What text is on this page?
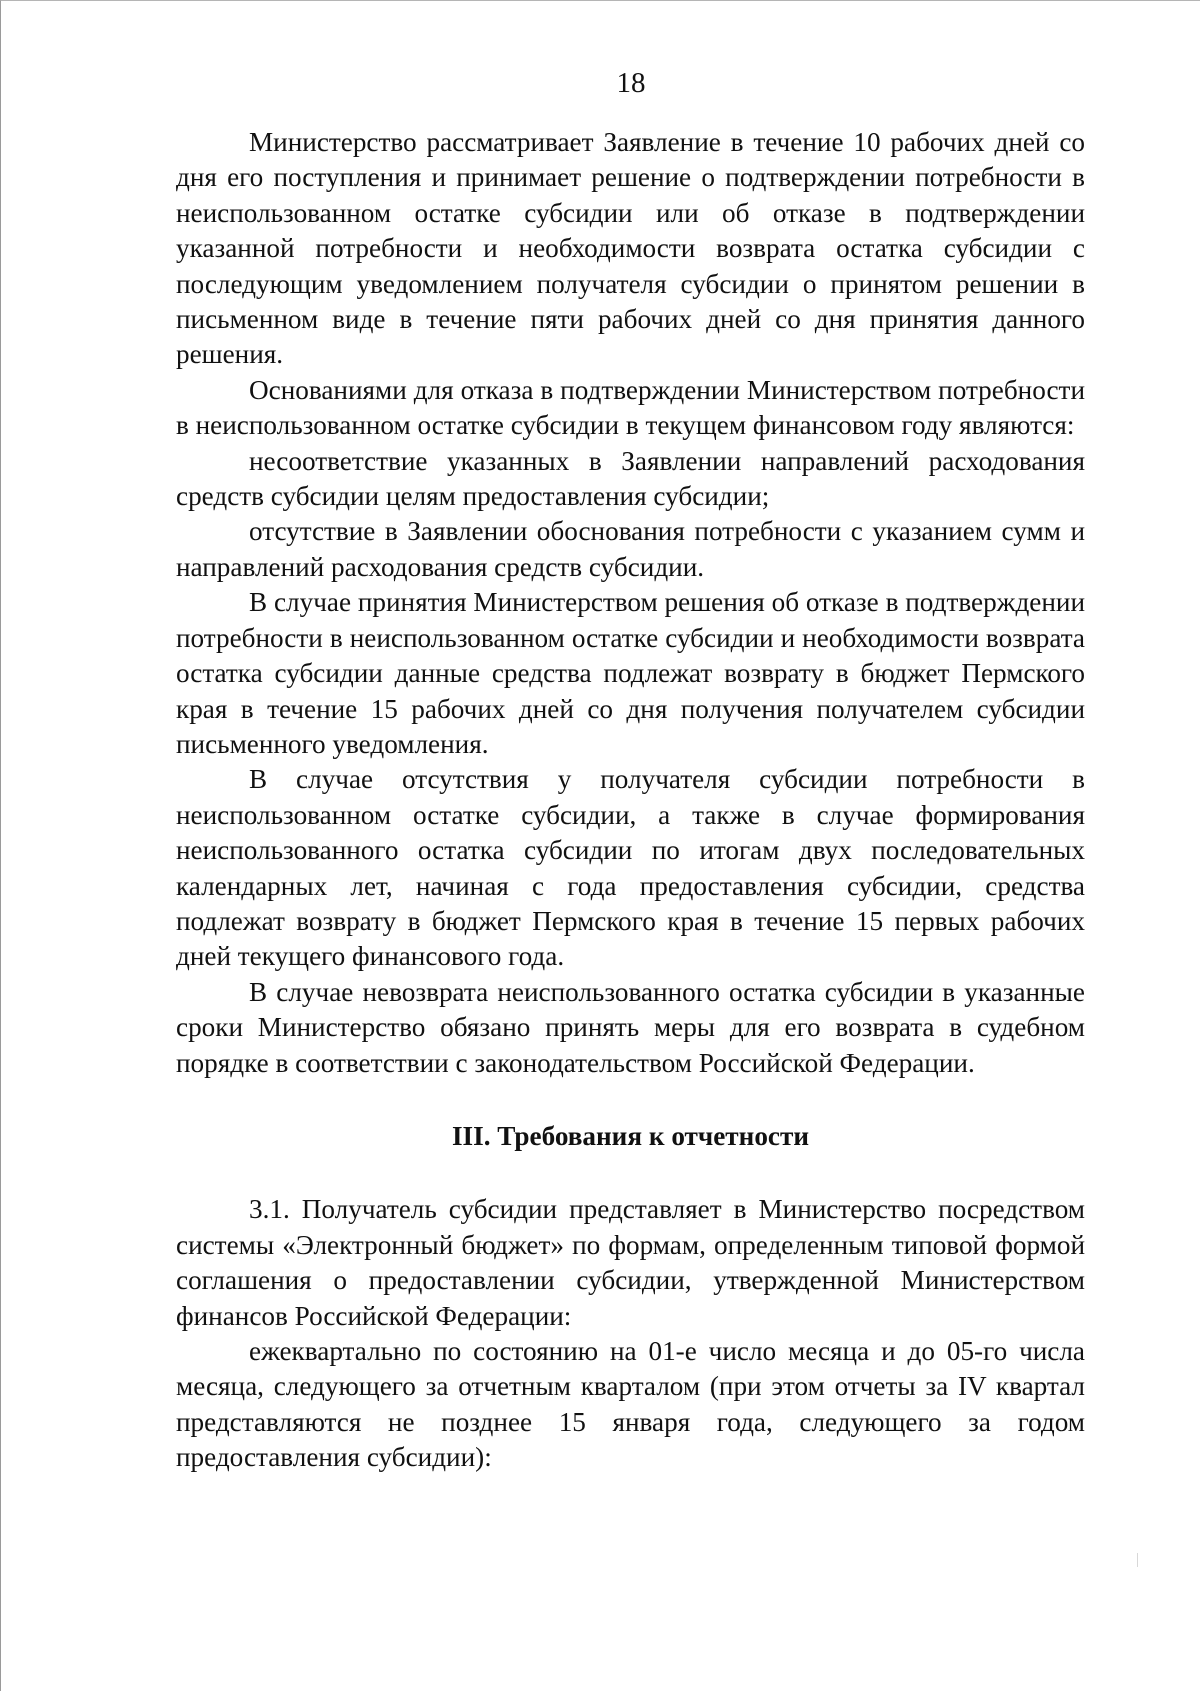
18

Министерство рассматривает Заявление в течение 10 рабочих дней со дня его поступления и принимает решение о подтверждении потребности в неиспользованном остатке субсидии или об отказе в подтверждении указанной потребности и необходимости возврата остатка субсидии с последующим уведомлением получателя субсидии о принятом решении в письменном виде в течение пяти рабочих дней со дня принятия данного решения.

Основаниями для отказа в подтверждении Министерством потребности в неиспользованном остатке субсидии в текущем финансовом году являются:

несоответствие указанных в Заявлении направлений расходования средств субсидии целям предоставления субсидии;

отсутствие в Заявлении обоснования потребности с указанием сумм и направлений расходования средств субсидии.

В случае принятия Министерством решения об отказе в подтверждении потребности в неиспользованном остатке субсидии и необходимости возврата остатка субсидии данные средства подлежат возврату в бюджет Пермского края в течение 15 рабочих дней со дня получения получателем субсидии письменного уведомления.

В случае отсутствия у получателя субсидии потребности в неиспользованном остатке субсидии, а также в случае формирования неиспользованного остатка субсидии по итогам двух последовательных календарных лет, начиная с года предоставления субсидии, средства подлежат возврату в бюджет Пермского края в течение 15 первых рабочих дней текущего финансового года.

В случае невозврата неиспользованного остатка субсидии в указанные сроки Министерство обязано принять меры для его возврата в судебном порядке в соответствии с законодательством Российской Федерации.

III. Требования к отчетности

3.1. Получатель субсидии представляет в Министерство посредством системы «Электронный бюджет» по формам, определенным типовой формой соглашения о предоставлении субсидии, утвержденной Министерством финансов Российской Федерации:

ежеквартально по состоянию на 01-е число месяца и до 05-го числа месяца, следующего за отчетным кварталом (при этом отчеты за IV квартал представляются не позднее 15 января года, следующего за годом предоставления субсидии):
